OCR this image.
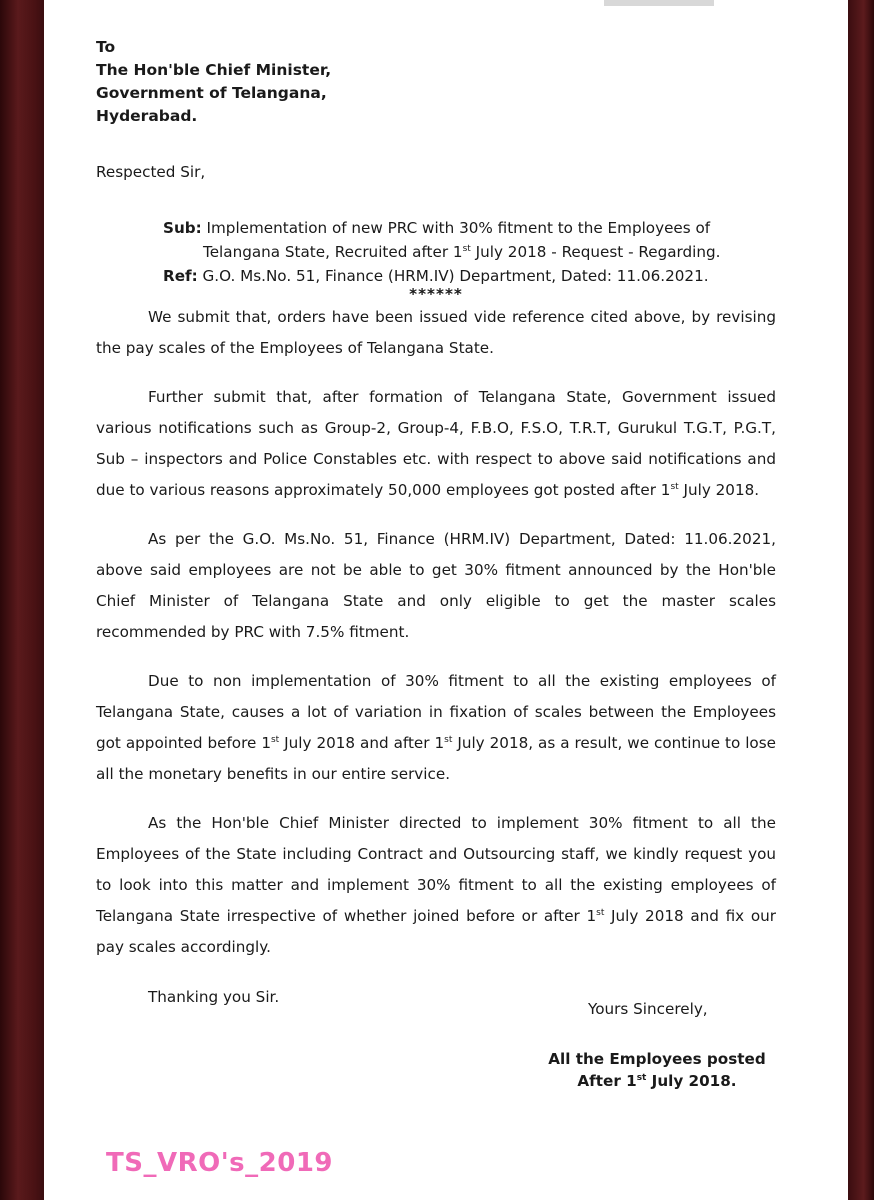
To
The Hon'ble Chief Minister,
Government of Telangana,
Hyderabad.
Respected Sir,
Sub: Implementation of new PRC with 30% fitment to the Employees of
Telangana State, Recruited after 1st July 2018 - Request - Regarding.
Ref: G.O. Ms.No. 51, Finance (HRM.IV) Department, Dated: 11.06.2021.
******

We submit that, orders have been issued vide reference cited above, by revising the pay scales of the Employees of Telangana State.

Further submit that, after formation of Telangana State, Government issued various notifications such as Group-2, Group-4, F.B.O, F.S.O, T.R.T, Gurukul T.G.T, P.G.T, Sub – inspectors and Police Constables etc. with respect to above said notifications and due to various reasons approximately 50,000 employees got posted after 1st July 2018.

As per the G.O. Ms.No. 51, Finance (HRM.IV) Department, Dated: 11.06.2021, above said employees are not be able to get 30% fitment announced by the Hon'ble Chief Minister of Telangana State and only eligible to get the master scales recommended by PRC with 7.5% fitment.

Due to non implementation of 30% fitment to all the existing employees of Telangana State, causes a lot of variation in fixation of scales between the Employees got appointed before 1st July 2018 and after 1st July 2018, as a result, we continue to lose all the monetary benefits in our entire service.

As the Hon'ble Chief Minister directed to implement 30% fitment to all the Employees of the State including Contract and Outsourcing staff, we kindly request you to look into this matter and implement 30% fitment to all the existing employees of Telangana State irrespective of whether joined before or after 1st July 2018 and fix our pay scales accordingly.

Thanking you Sir.
Yours Sincerely,
All the Employees posted
After 1st July 2018.
TS_VRO's_2019
